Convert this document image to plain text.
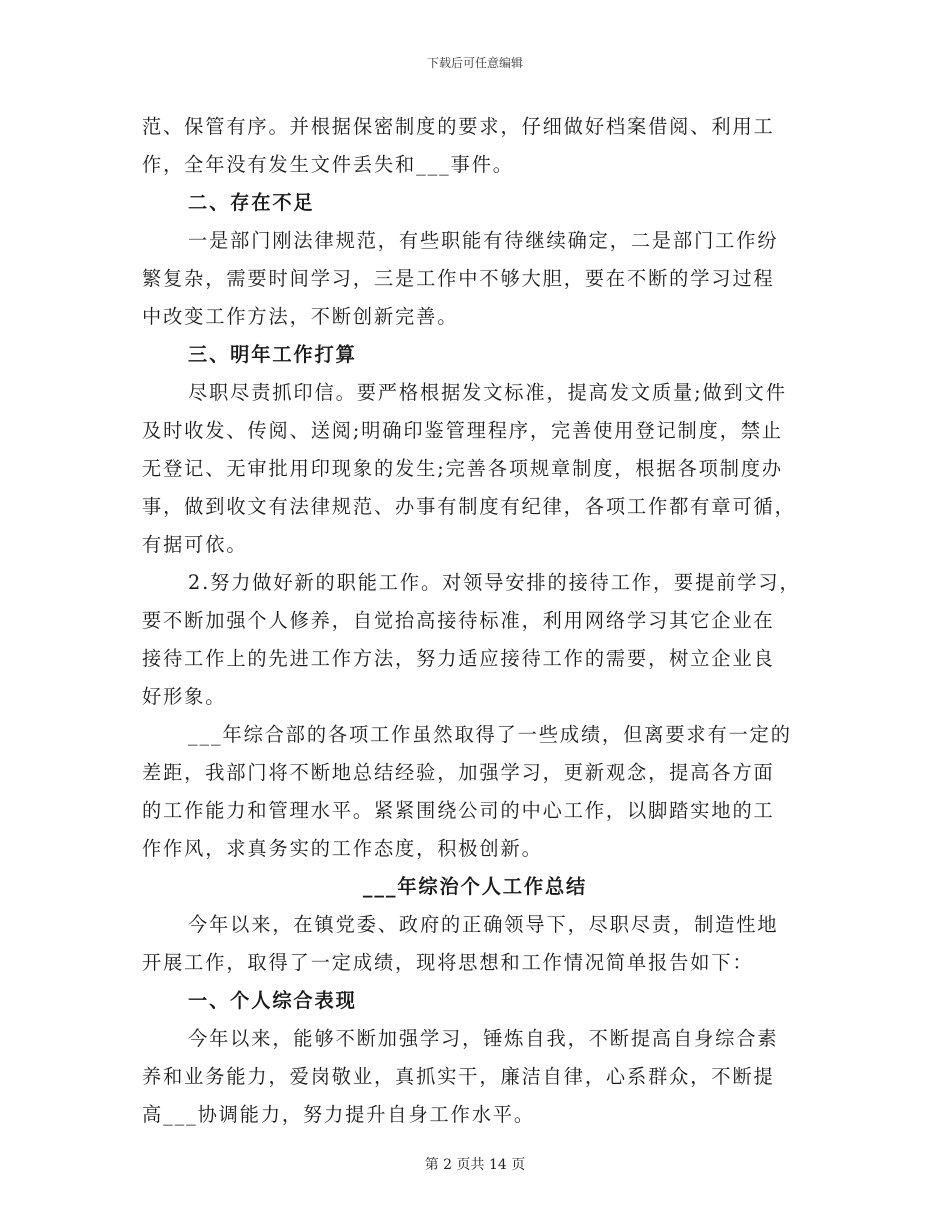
下载后可任意编辑
范、保管有序。并根据保密制度的要求，仔细做好档案借阅、利用工
作，全年没有发生文件丢失和___事件。
二、存在不足
一是部门刚法律规范，有些职能有待继续确定，二是部门工作纷
繁复杂，需要时间学习，三是工作中不够大胆，要在不断的学习过程
中改变工作方法，不断创新完善。
三、明年工作打算
尽职尽责抓印信。要严格根据发文标准，提高发文质量;做到文件
及时收发、传阅、送阅;明确印鉴管理程序，完善使用登记制度，禁止
无登记、无审批用印现象的发生;完善各项规章制度，根据各项制度办
事，做到收文有法律规范、办事有制度有纪律，各项工作都有章可循，
有据可依。
2.努力做好新的职能工作。对领导安排的接待工作，要提前学习，
要不断加强个人修养，自觉抬高接待标准，利用网络学习其它企业在
接待工作上的先进工作方法，努力适应接待工作的需要，树立企业良
好形象。
___年综合部的各项工作虽然取得了一些成绩，但离要求有一定的
差距，我部门将不断地总结经验，加强学习，更新观念，提高各方面
的工作能力和管理水平。紧紧围绕公司的中心工作，以脚踏实地的工
作作风，求真务实的工作态度，积极创新。
___年综治个人工作总结
今年以来，在镇党委、政府的正确领导下，尽职尽责，制造性地
开展工作，取得了一定成绩，现将思想和工作情况简单报告如下：
一、个人综合表现
今年以来，能够不断加强学习，锤炼自我，不断提高自身综合素
养和业务能力，爱岗敬业，真抓实干，廉洁自律，心系群众，不断提
高___协调能力，努力提升自身工作水平。
第 2 页共 14 页
